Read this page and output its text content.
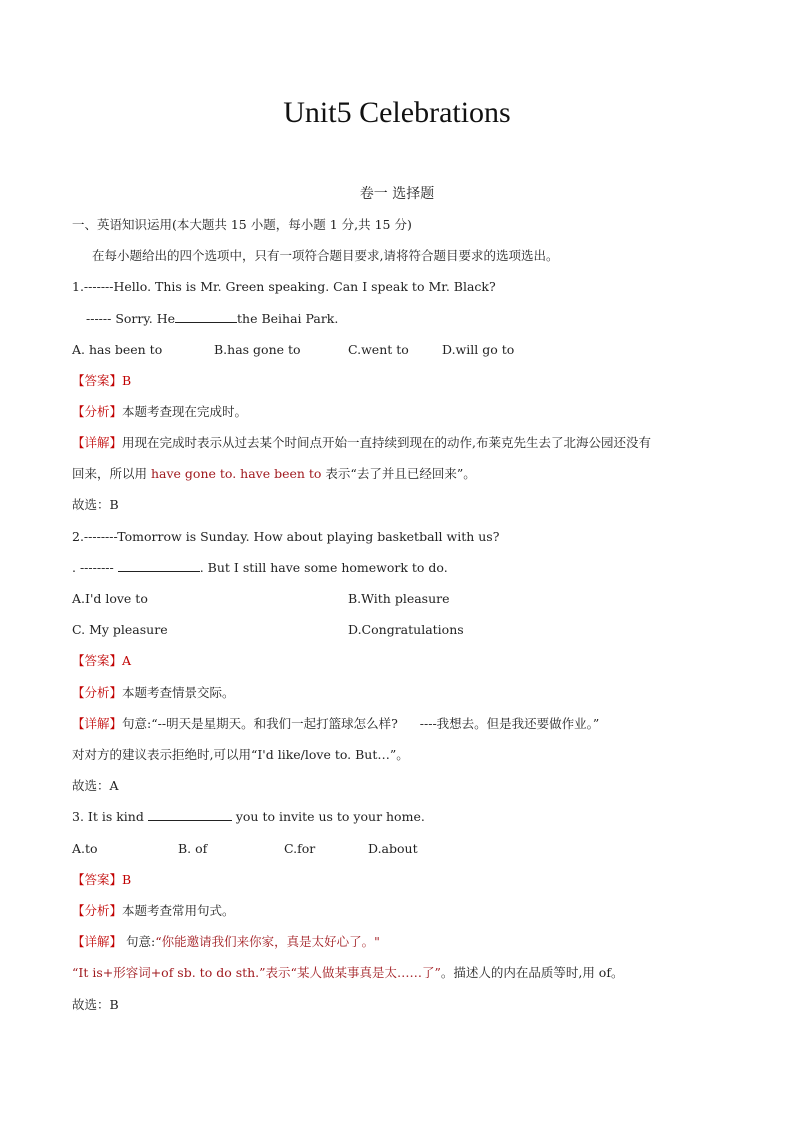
Unit5 Celebrations
卷一 选择题
一、英语知识运用(本大题共 15 小题，每小题 1 分,共 15 分)
在每小题给出的四个选项中，只有一项符合题目要求,请将符合题目要求的选项选出。
1.-------Hello. This is Mr. Green speaking. Can I speak to Mr. Black?
------ Sorry. He	the Beihai Park.
A. has been to	B.has gone to	C.went to	D.will go to
【答案】B
【分析】本题考查现在完成时。
【详解】用现在完成时表示从过去某个时间点开始一直持续到现在的动作,布莱克先生去了北海公园还没有
回来，所以用 have gone to. have been to 表示“去了并且已经回来”。
故选：B
2.--------Tomorrow is Sunday. How about playing basketball with us?
. --------	. But I still have some homework to do.
A.I'd love to	B.With pleasure
C. My pleasure	D.Congratulations
【答案】A
【分析】本题考查情景交际。
【详解】句意:“--明天是星期天。和我们一起打篮球怎么样? ----我想去。但是我还要做作业。”
对对方的建议表示拒绝时,可以用“I'd like/love to. But…”。
故选：A
3. It is kind	you to invite us to your home.
A.to	B. of	C.for	D.about
【答案】B
【分析】本题考查常用句式。
【详解】 句意:“你能邀请我们来你家，真是太好心了。"
“It is+形容词+of sb. to do sth.”表示“某人做某事真是太……了”。描述人的内在品质等时,用 of。
故选：B
